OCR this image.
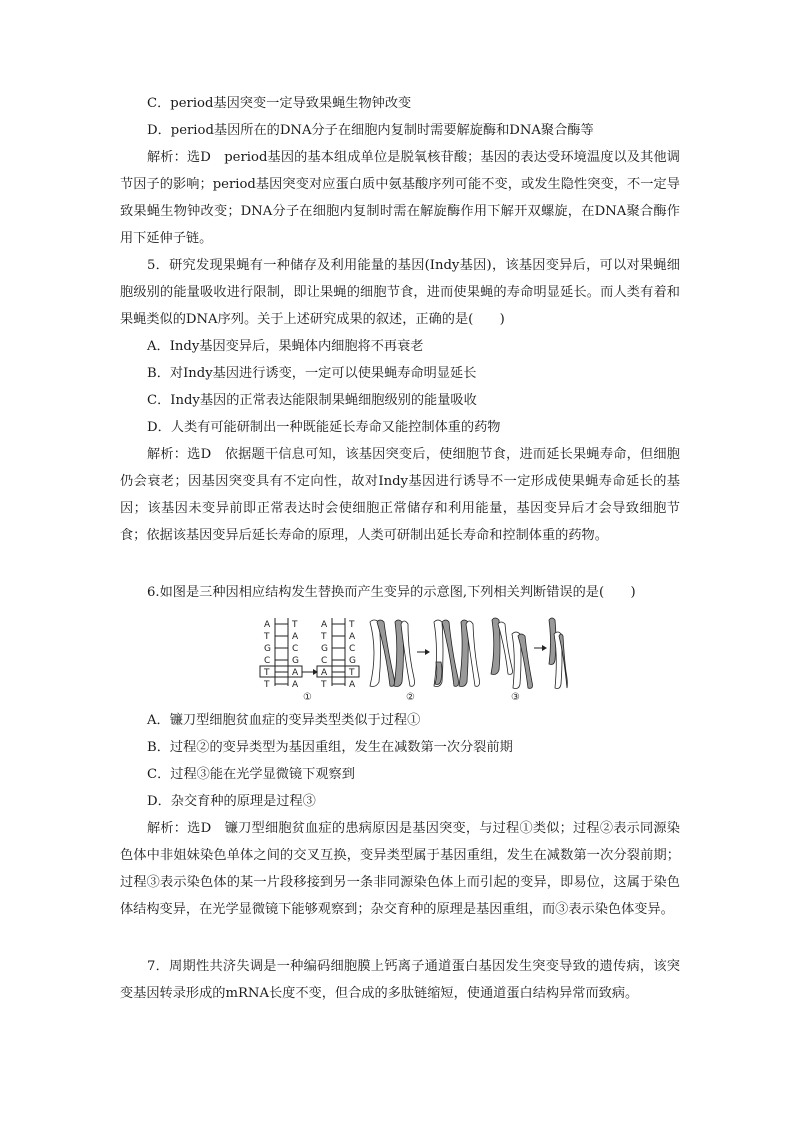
C．period基因突变一定导致果蝇生物钟改变

D．period基因所在的DNA分子在细胞内复制时需要解旋酶和DNA聚合酶等

解析：选D　period基因的基本组成单位是脱氧核苷酸；基因的表达受环境温度以及其他调节因子的影响；period基因突变对应蛋白质中氨基酸序列可能不变，或发生隐性突变，不一定导致果蝇生物钟改变；DNA分子在细胞内复制时需在解旋酶作用下解开双螺旋，在DNA聚合酶作用下延伸子链。

5．研究发现果蝇有一种储存及利用能量的基因(Indy基因)，该基因变异后，可以对果蝇细胞级别的能量吸收进行限制，即让果蝇的细胞节食，进而使果蝇的寿命明显延长。而人类有着和果蝇类似的DNA序列。关于上述研究成果的叙述，正确的是(　　)

A．Indy基因变异后，果蝇体内细胞将不再衰老

B．对Indy基因进行诱变，一定可以使果蝇寿命明显延长

C．Indy基因的正常表达能限制果蝇细胞级别的能量吸收

D．人类有可能研制出一种既能延长寿命又能控制体重的药物

解析：选D　依据题干信息可知，该基因突变后，使细胞节食，进而延长果蝇寿命，但细胞仍会衰老；因基因突变具有不定向性，故对Indy基因进行诱导不一定形成使果蝇寿命延长的基因；该基因未变异前即正常表达时会使细胞正常储存和利用能量，基因变异后才会导致细胞节食；依据该基因变异后延长寿命的原理，人类可研制出延长寿命和控制体重的药物。

6.如图是三种因相应结构发生替换而产生变异的示意图,下列相关判断错误的是(　　)

A
T
G
C
T
T
T
A
C
G
A
A
A
T
G
C
A
T
T
A
C
G
T
A
①	②	③

A．镰刀型细胞贫血症的变异类型类似于过程①

B．过程②的变异类型为基因重组，发生在减数第一次分裂前期

C．过程③能在光学显微镜下观察到

D．杂交育种的原理是过程③

解析：选D　镰刀型细胞贫血症的患病原因是基因突变，与过程①类似；过程②表示同源染色体中非姐妹染色单体之间的交叉互换，变异类型属于基因重组，发生在减数第一次分裂前期；过程③表示染色体的某一片段移接到另一条非同源染色体上而引起的变异，即易位，这属于染色体结构变异，在光学显微镜下能够观察到；杂交育种的原理是基因重组，而③表示染色体变异。

7．周期性共济失调是一种编码细胞膜上钙离子通道蛋白基因发生突变导致的遗传病，该突变基因转录形成的mRNA长度不变，但合成的多肽链缩短，使通道蛋白结构异常而致病。
